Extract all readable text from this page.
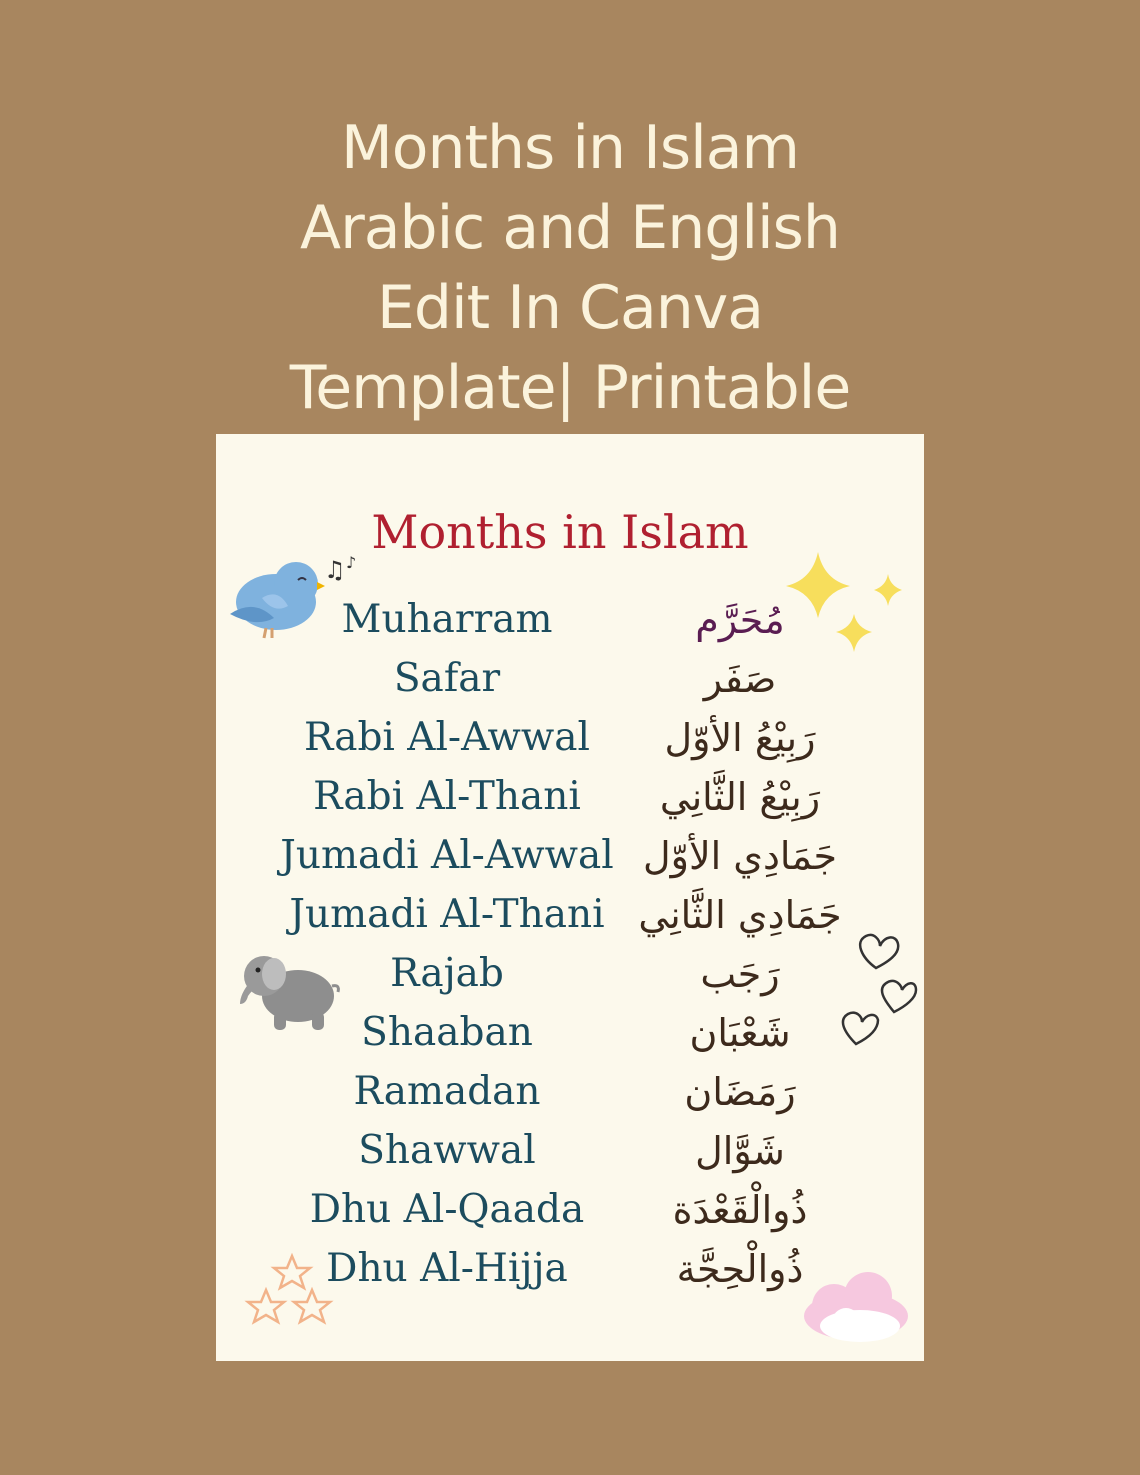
Months in Islam
Arabic and English
Edit In Canva
Template| Printable
Months in Islam
Muharram	مُحَرَّم
Safar	صَفَر
Rabi Al-Awwal	رَبِيْعُ الأوّل
Rabi Al-Thani	رَبِيْعُ الثَّانِي
Jumadi Al-Awwal جَمَادِي الأوّل
Jumadi Al-Thani جَمَادِي الثَّانِي
Rajab	رَجَب
Shaaban	شَعْبَان
Ramadan	رَمَضَان
Shawwal	شَوَّال
Dhu Al-Qaada	ذُوالْقَعْدَة
Dhu Al-Hijja	ذُوالْحِجَّة
♫ ♪
